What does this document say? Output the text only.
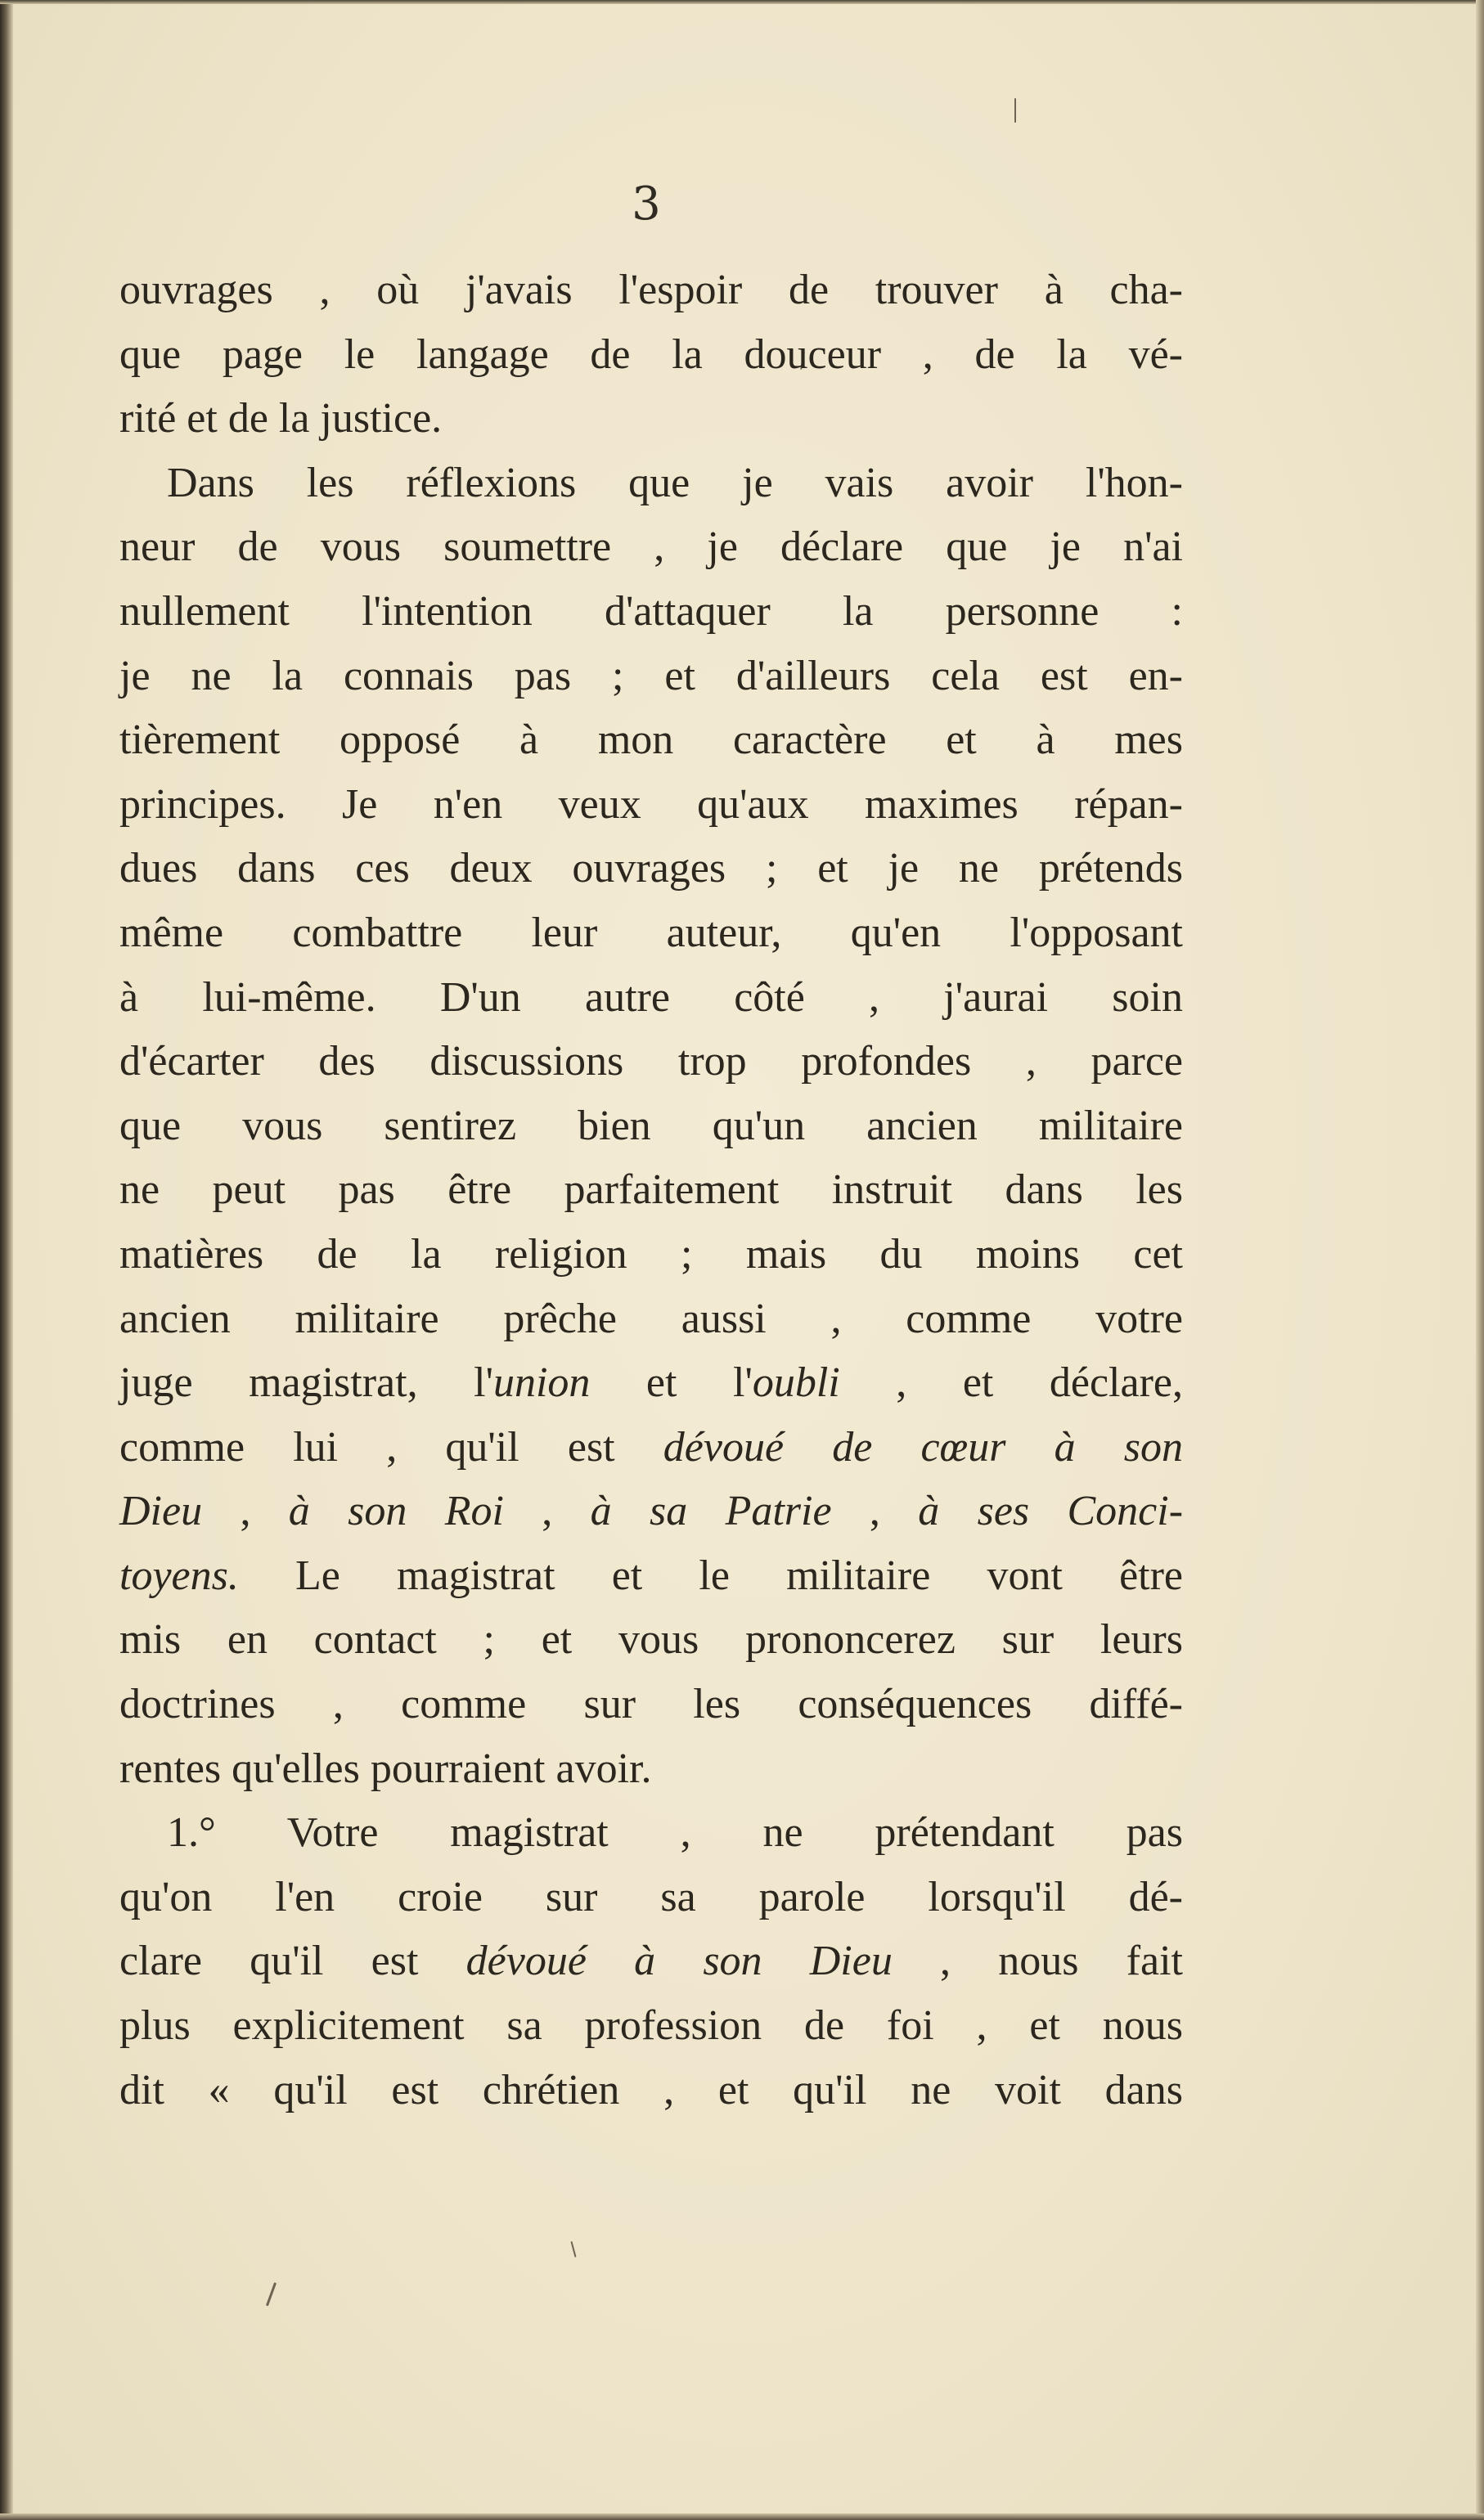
3
ouvrages , où j'avais l'espoir de trouver à cha-
que page le langage de la douceur , de la vé-
rité et de la justice.
Dans les réflexions que je vais avoir l'hon-
neur de vous soumettre , je déclare que je n'ai
nullement l'intention d'attaquer la personne :
je ne la connais pas ; et d'ailleurs cela est en-
tièrement opposé à mon caractère et à mes
principes. Je n'en veux qu'aux maximes répan-
dues dans ces deux ouvrages ; et je ne prétends
même combattre leur auteur, qu'en l'opposant
à lui-même. D'un autre côté , j'aurai soin
d'écarter des discussions trop profondes , parce
que vous sentirez bien qu'un ancien militaire
ne peut pas être parfaitement instruit dans les
matières de la religion ; mais du moins cet
ancien militaire prêche aussi , comme votre
juge magistrat, l'union et l'oubli , et déclare,
comme lui , qu'il est dévoué de cœur à son
Dieu , à son Roi , à sa Patrie , à ses Conci-
toyens. Le magistrat et le militaire vont être
mis en contact ; et vous prononcerez sur leurs
doctrines , comme sur les conséquences diffé-
rentes qu'elles pourraient avoir.
1.° Votre magistrat , ne prétendant pas
qu'on l'en croie sur sa parole lorsqu'il dé-
clare qu'il est dévoué à son Dieu , nous fait
plus explicitement sa profession de foi , et nous
dit « qu'il est chrétien , et qu'il ne voit dans
